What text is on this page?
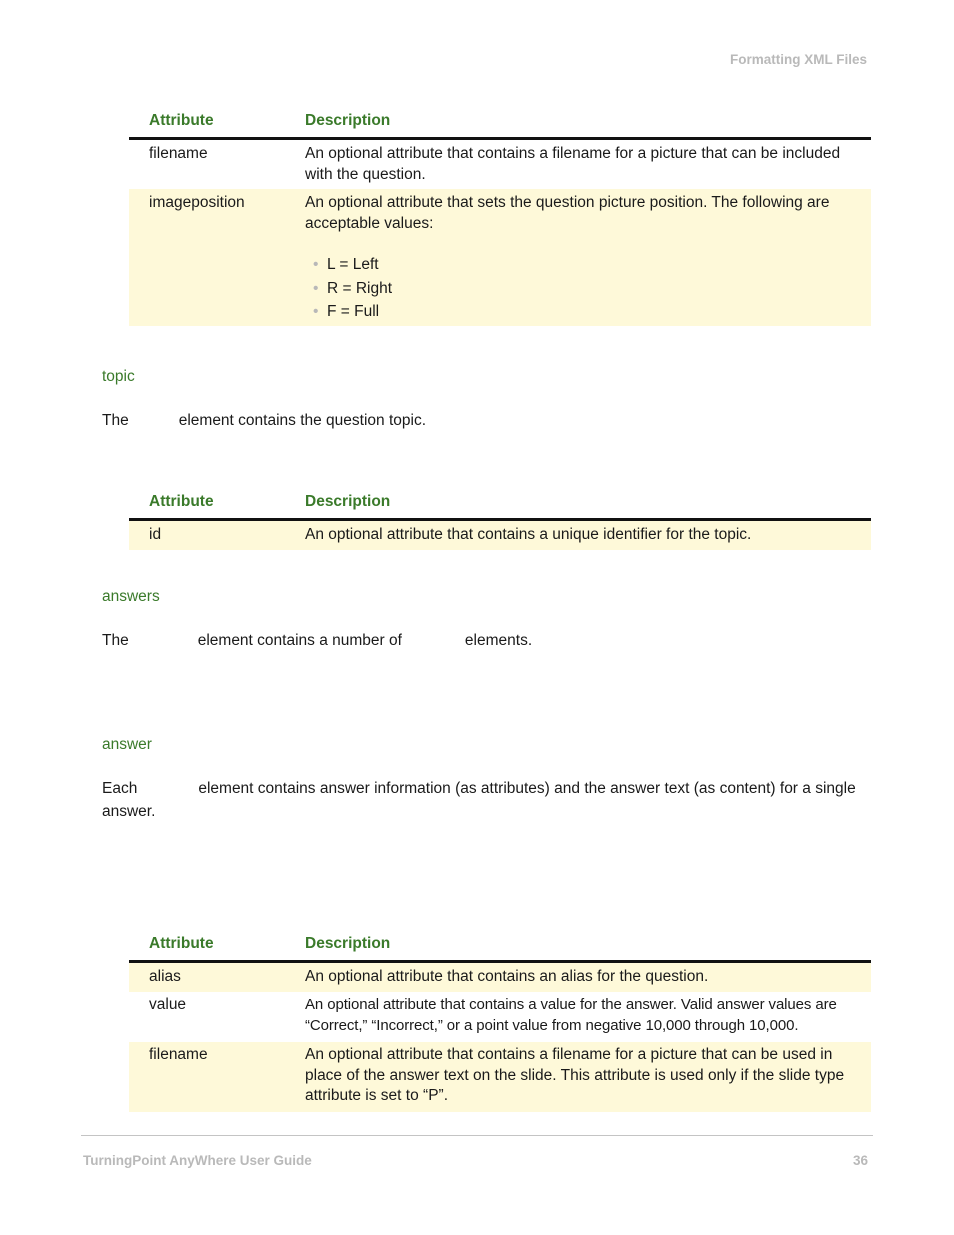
Formatting XML Files
Attribute	Description
filename	An optional attribute that contains a filename for a picture that can be included with the question.
imageposition	An optional attribute that sets the question picture position. The following are acceptable values:
• L = Left
• R = Right
• F = Full
topic
The	element contains the question topic.
Attribute	Description
id	An optional attribute that contains a unique identifier for the topic.
answers
The	element contains a number of	elements.
answer
Each	element contains answer information (as attributes) and the answer text (as content) for a single answer.
Attribute	Description
alias	An optional attribute that contains an alias for the question.
value	An optional attribute that contains a value for the answer. Valid answer values are “Correct,” “Incorrect,” or a point value from negative 10,000 through 10,000.
filename	An optional attribute that contains a filename for a picture that can be used in place of the answer text on the slide. This attribute is used only if the slide type attribute is set to “P”.
TurningPoint AnyWhere User Guide	36
